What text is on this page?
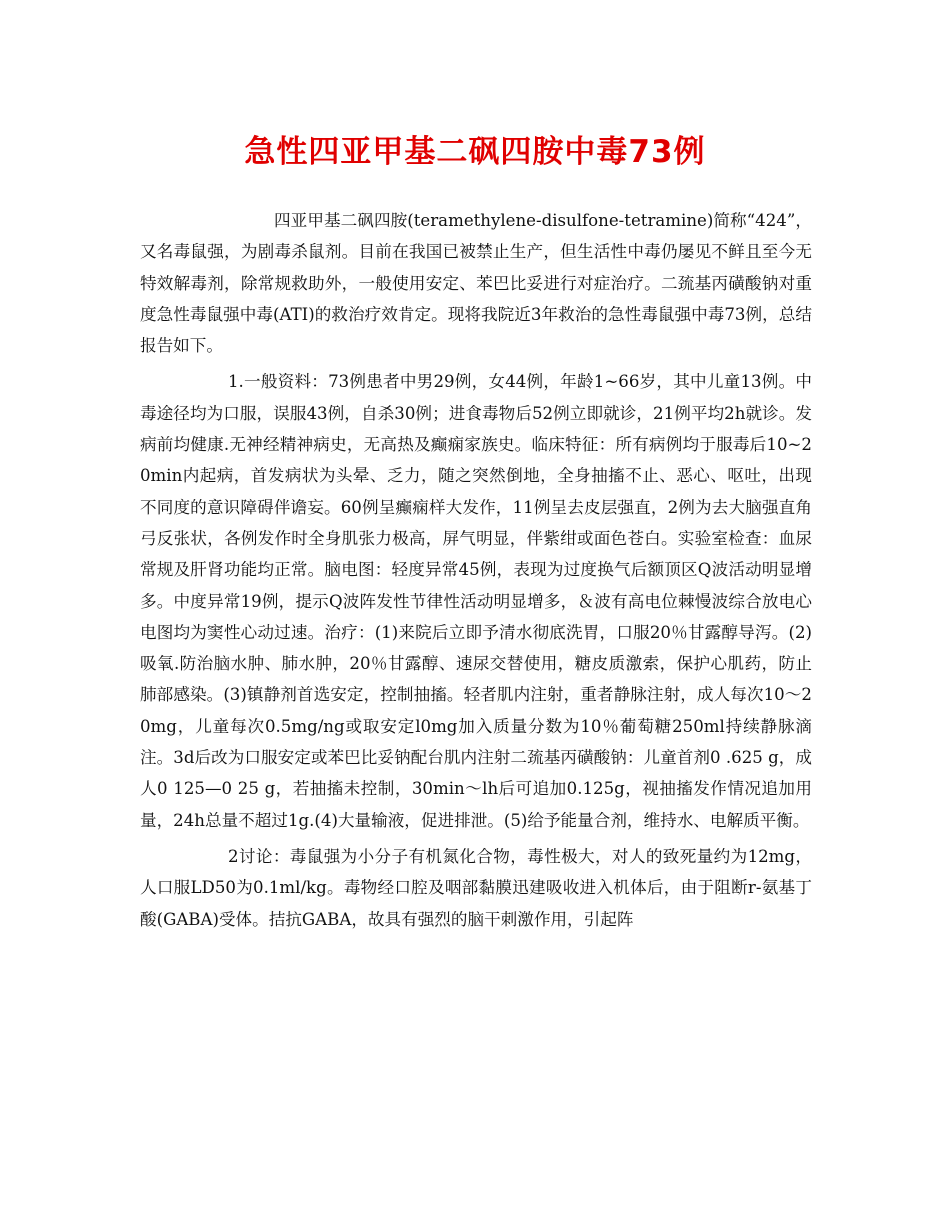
急性四亚甲基二砜四胺中毒73例

四亚甲基二砜四胺(teramethylene-disulfone-tetramine)简称“424”，又名毒鼠强，为剧毒杀鼠剂。目前在我国已被禁止生产，但生活性中毒仍屡见不鲜且至今无特效解毒剂，除常规救助外，一般使用安定、苯巴比妥进行对症治疗。二巯基丙磺酸钠对重度急性毒鼠强中毒(ATI)的救治疗效肯定。现将我院近3年救治的急性毒鼠强中毒73例，总结报告如下。

1.一般资料：73例患者中男29例，女44例，年龄1~66岁，其中儿童13例。中毒途径均为口服，误服43例，自杀30例；进食毒物后52例立即就诊，21例平均2h就诊。发病前均健康.无神经精神病史，无高热及癫痫家族史。临床特征：所有病例均于服毒后10~20min内起病，首发病状为头晕、乏力，随之突然倒地，全身抽搐不止、恶心、呕吐，出现不同度的意识障碍伴谵妄。60例呈癫痫样大发作，11例呈去皮层强直，2例为去大脑强直角弓反张状，各例发作时全身肌张力极高，屏气明显，伴紫绀或面色苍白。实验室检查：血尿常规及肝肾功能均正常。脑电图：轻度异常45例，表现为过度换气后额顶区Q波活动明显增多。中度异常19例，提示Q波阵发性节律性活动明显增多，＆波有高电位棘慢波综合放电心电图均为窦性心动过速。治疗：(1)来院后立即予清水彻底洗胃，口服20％甘露醇导泻。(2)吸氧.防治脑水肿、肺水肿，20％甘露醇、速尿交替使用，糖皮质激索，保护心肌药，防止肺部感染。(3)镇静剂首选安定，控制抽搐。轻者肌内注射，重者静脉注射，成人每次10～20mg，儿童每次0.5mg/ng或取安定l0mg加入质量分数为10％葡萄糖250ml持续静脉滴注。3d后改为口服安定或苯巴比妥钠配台肌内注射二巯基丙磺酸钠：儿童首剂0 .625 g，成人0 125—0 25 g，若抽搐未控制，30min～lh后可追加0.125g，视抽搐发作情况追加用量，24h总量不超过1g.(4)大量输液，促进排泄。(5)给予能量合剂，维持水、电解质平衡。

2讨论：毒鼠强为小分子有机氮化合物，毒性极大，对人的致死量约为12mg，人口服LD50为0.1ml/kg。毒物经口腔及咽部黏膜迅建吸收进入机体后，由于阻断r-氨基丁酸(GABA)受体。拮抗GABA，故具有强烈的脑干刺激作用，引起阵
